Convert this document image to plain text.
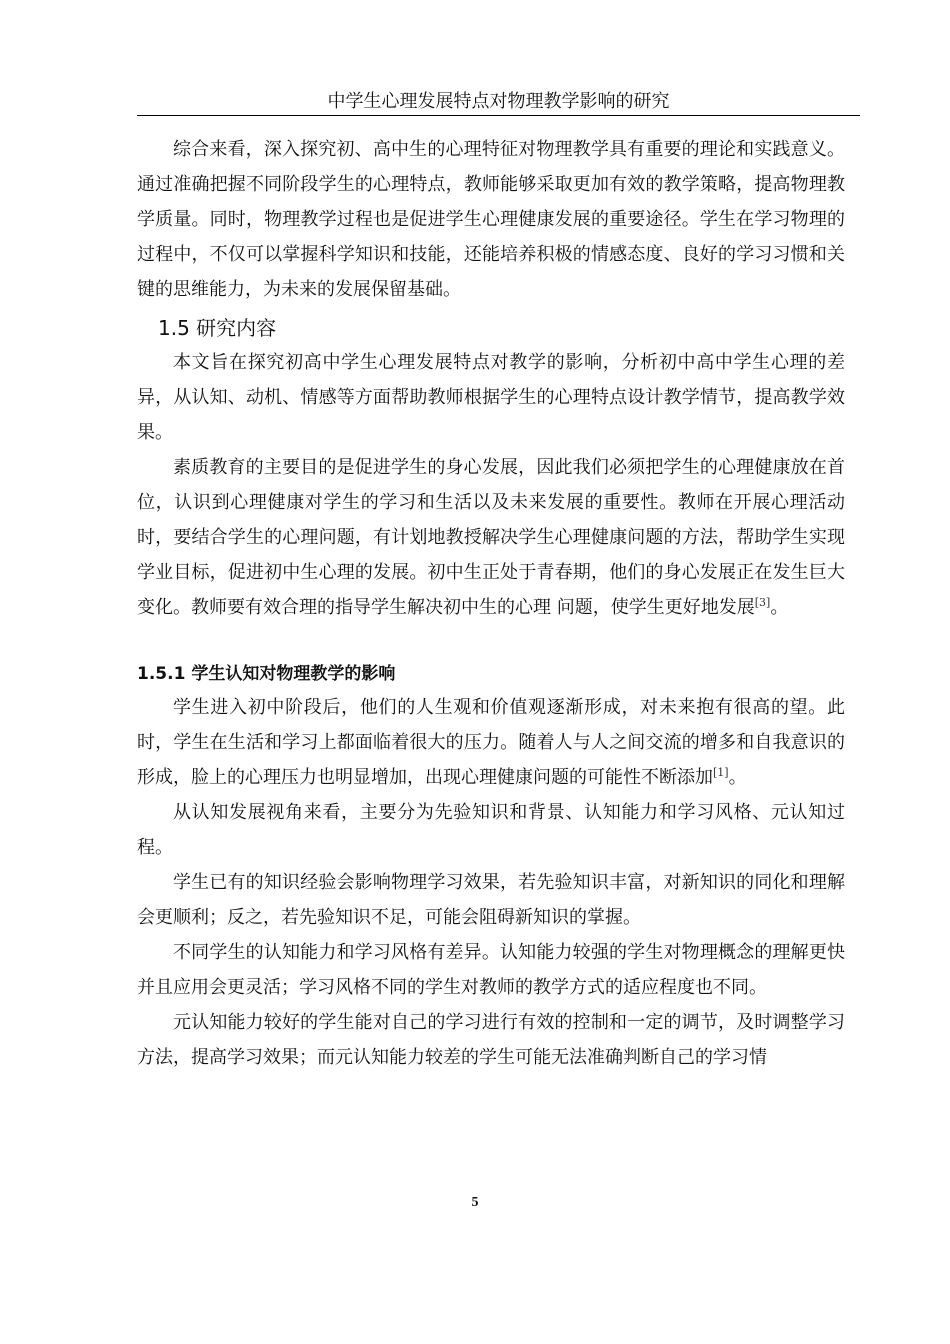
中学生心理发展特点对物理教学影响的研究

综合来看，深入探究初、高中生的心理特征对物理教学具有重要的理论和实践意义。通过准确把握不同阶段学生的心理特点，教师能够采取更加有效的教学策略，提高物理教学质量。同时，物理教学过程也是促进学生心理健康发展的重要途径。学生在学习物理的过程中，不仅可以掌握科学知识和技能，还能培养积极的情感态度、良好的学习习惯和关键的思维能力，为未来的发展保留基础。

1.5 研究内容

本文旨在探究初高中学生心理发展特点对教学的影响，分析初中高中学生心理的差异，从认知、动机、情感等方面帮助教师根据学生的心理特点设计教学情节，提高教学效果。

素质教育的主要目的是促进学生的身心发展，因此我们必须把学生的心理健康放在首位，认识到心理健康对学生的学习和生活以及未来发展的重要性。教师在开展心理活动时，要结合学生的心理问题，有计划地教授解决学生心理健康问题的方法，帮助学生实现学业目标，促进初中生心理的发展。初中生正处于青春期，他们的身心发展正在发生巨大变化。教师要有效合理的指导学生解决初中生的心理 问题，使学生更好地发展[3]。

1.5.1 学生认知对物理教学的影响

学生进入初中阶段后，他们的人生观和价值观逐渐形成，对未来抱有很高的望。此时，学生在生活和学习上都面临着很大的压力。随着人与人之间交流的增多和自我意识的形成，脸上的心理压力也明显增加，出现心理健康问题的可能性不断添加[1]。

从认知发展视角来看，主要分为先验知识和背景、认知能力和学习风格、元认知过程。

学生已有的知识经验会影响物理学习效果，若先验知识丰富，对新知识的同化和理解会更顺利；反之，若先验知识不足，可能会阻碍新知识的掌握。

不同学生的认知能力和学习风格有差异。认知能力较强的学生对物理概念的理解更快并且应用会更灵活；学习风格不同的学生对教师的教学方式的适应程度也不同。

元认知能力较好的学生能对自己的学习进行有效的控制和一定的调节，及时调整学习方法，提高学习效果；而元认知能力较差的学生可能无法准确判断自己的学习情

5
